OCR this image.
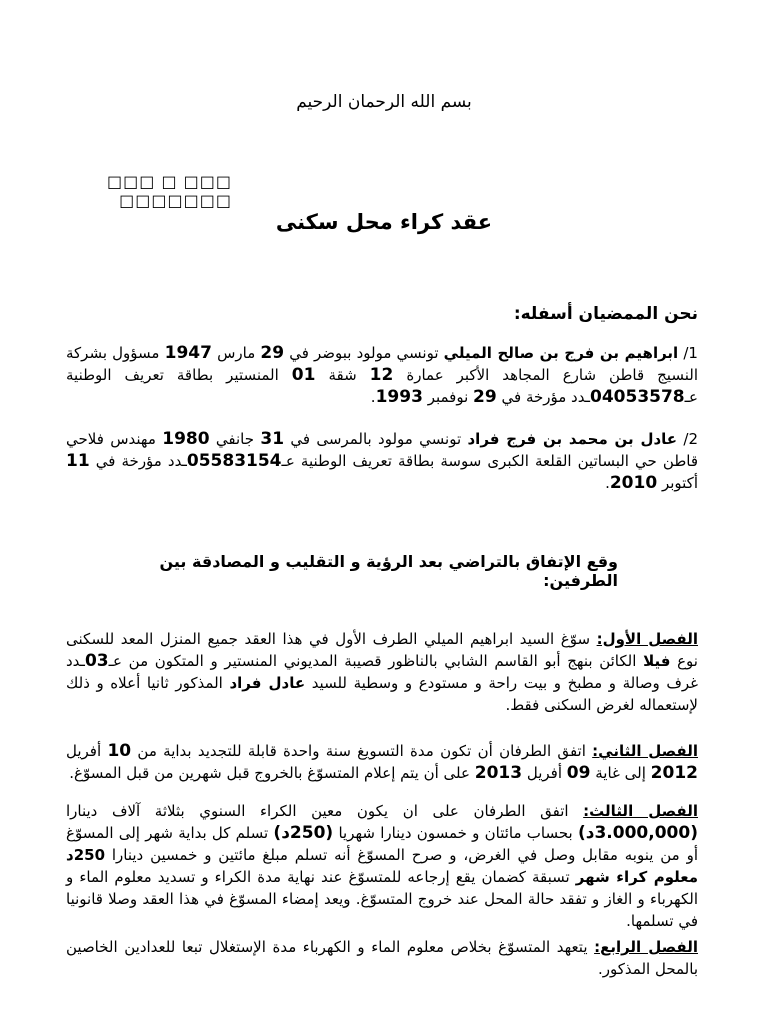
بسم الله الرحمان الرحيم
□□□ □ □□□ □□□□□□□
عقد كراء محل سكنى
نحن الممضيان أسفله:
1/ ابراهيم بن فرج بن صالح الميلي تونسي مولود ببوضر في 29 مارس 1947 مسؤول بشركة النسيج قاطن شارع المجاهد الأكبر عمارة 12 شقة 01 المنستير بطاقة تعريف الوطنية عـ04053578ـدد مؤرخة في 29 نوفمبر 1993.
2/ عادل بن محمد بن فرج فراد تونسي مولود بالمرسى في 31 جانفي 1980 مهندس فلاحي قاطن حي البساتين القلعة الكبرى سوسة بطاقة تعريف الوطنية عـ05583154ـدد مؤرخة في 11 أكتوبر 2010.
وقع الإتفاق بالتراضي بعد الرؤية و التقليب و المصادقة بين الطرفين:
الفصل الأول: سوّغ السيد ابراهيم الميلي الطرف الأول في هذا العقد جميع المنزل المعد للسكنى نوع فيلا الكائن بنهج أبو القاسم الشابي بالناظور قصيبة المديوني المنستير و المتكون من عـ03ـدد غرف وصالة و مطبخ و بيت راحة و مستودع و وسطية للسيد عادل فراد المذكور ثانيا أعلاه و ذلك لإستعماله لغرض السكنى فقط.
الفصل الثاني: اتفق الطرفان أن تكون مدة التسويغ سنة واحدة قابلة للتجديد بداية من 10 أفريل 2012 إلى غاية 09 أفريل 2013 على أن يتم إعلام المتسوّغ بالخروج قبل شهرين من قبل المسوّغ.
الفصل الثالث: اتفق الطرفان على ان يكون معين الكراء السنوي بثلاثة آلاف دينارا (3.000,000د) بحساب مائتان و خمسون دينارا شهريا (250د) تسلم كل بداية شهر إلى المسوّغ أو من ينوبه مقابل وصل في الغرض، و صرح المسوّغ أنه تسلم مبلغ مائتين و خمسين دينارا 250د معلوم كراء شهر تسبقة كضمان يقع إرجاعه للمتسوّغ عند نهاية مدة الكراء و تسديد معلوم الماء و الكهرباء و الغاز و تفقد حالة المحل عند خروج المتسوّغ. ويعد إمضاء المسوّغ في هذا العقد وصلا قانونيا في تسلمها.
الفصل الرابع: يتعهد المتسوّغ بخلاص معلوم الماء و الكهرباء مدة الإستغلال تبعا للعدادين الخاصين بالمحل المذكور.
